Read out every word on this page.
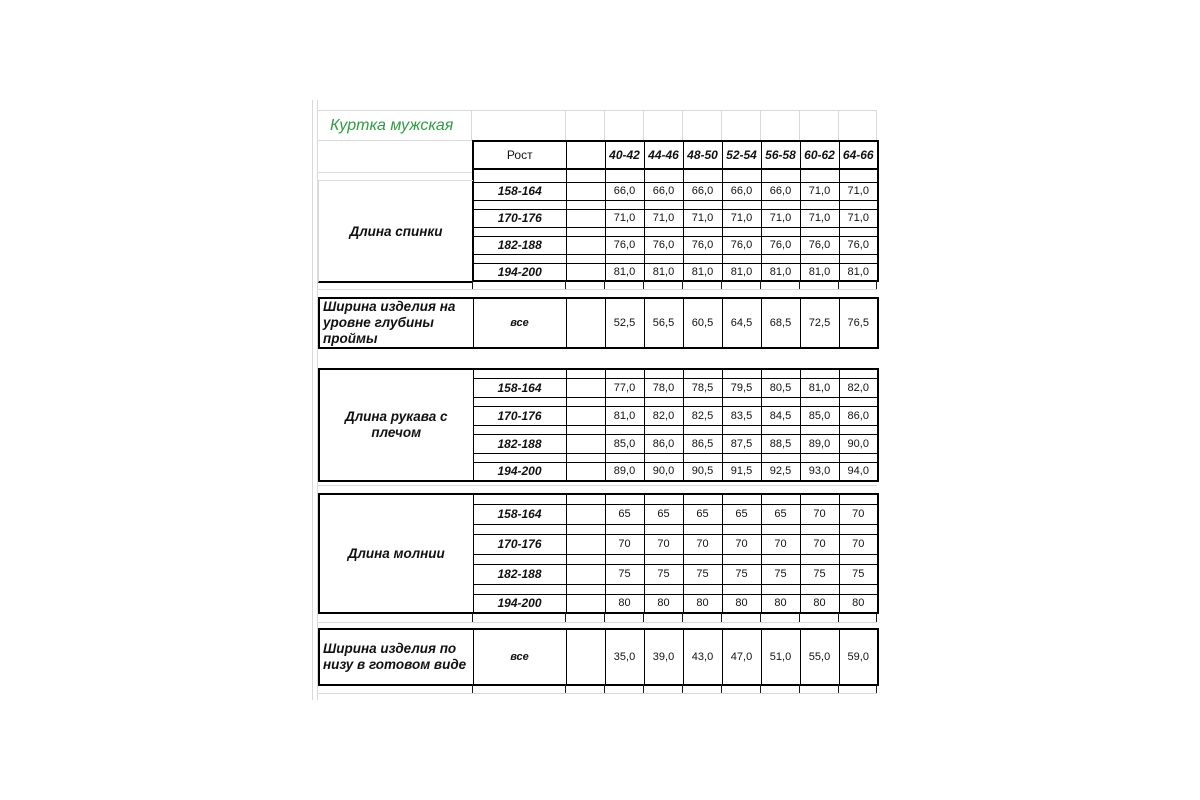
Куртка мужская
Рост		40-42	44-46	48-50	52-54	56-58	60-62	64-66

158-164		66,0	66,0	66,0	66,0	66,0	71,0	71,0

170-176		71,0	71,0	71,0	71,0	71,0	71,0	71,0

182-188		76,0	76,0	76,0	76,0	76,0	76,0	76,0

194-200		81,0	81,0	81,0	81,0	81,0	81,0	81,0
Длина спинки
Ширина изделия на уровне глубины проймы	все		52,5	56,5	60,5	64,5	68,5	72,5	76,5
Длина рукава с плечом									
	158-164		77,0	78,0	78,5	79,5	80,5	81,0	82,0

	170-176		81,0	82,0	82,5	83,5	84,5	85,0	86,0

	182-188		85,0	86,0	86,5	87,5	88,5	89,0	90,0

	194-200		89,0	90,0	90,5	91,5	92,5	93,0	94,0
Длина молнии									
	158-164		65	65	65	65	65	70	70

	170-176		70	70	70	70	70	70	70

	182-188		75	75	75	75	75	75	75

	194-200		80	80	80	80	80	80	80
Ширина изделия по низу в готовом виде	все		35,0	39,0	43,0	47,0	51,0	55,0	59,0
